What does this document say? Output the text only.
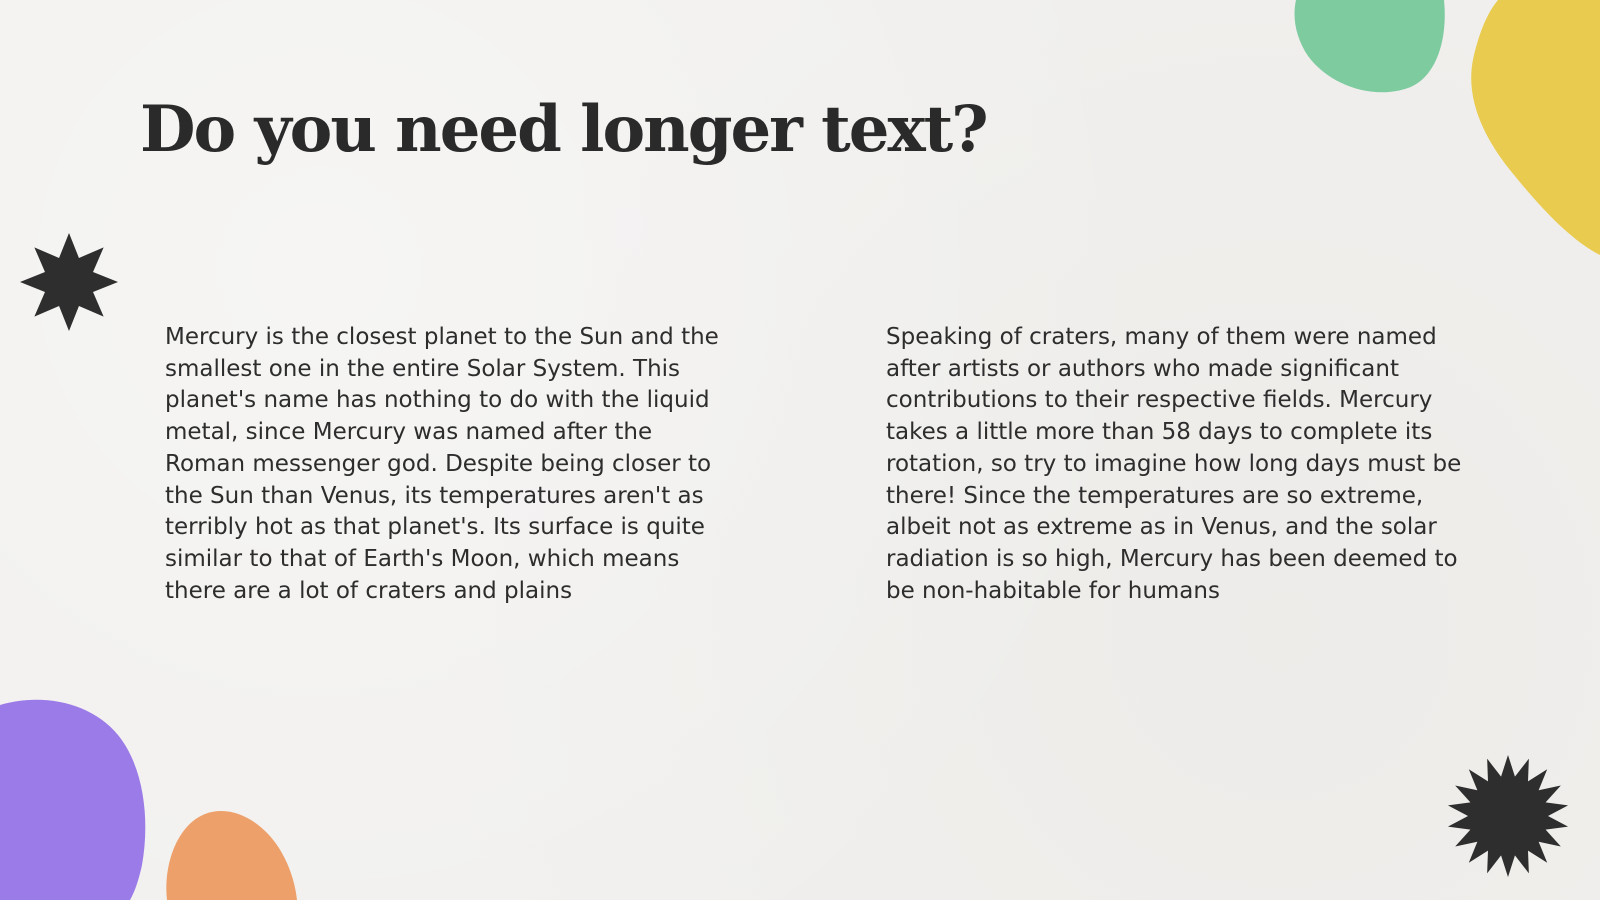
Do you need longer text?

Mercury is the closest planet to the Sun and the smallest one in the entire Solar System. This planet's name has nothing to do with the liquid metal, since Mercury was named after the Roman messenger god. Despite being closer to the Sun than Venus, its temperatures aren't as terribly hot as that planet's. Its surface is quite similar to that of Earth's Moon, which means there are a lot of craters and plains

Speaking of craters, many of them were named after artists or authors who made significant contributions to their respective fields. Mercury takes a little more than 58 days to complete its rotation, so try to imagine how long days must be there! Since the temperatures are so extreme, albeit not as extreme as in Venus, and the solar radiation is so high, Mercury has been deemed to be non-habitable for humans
